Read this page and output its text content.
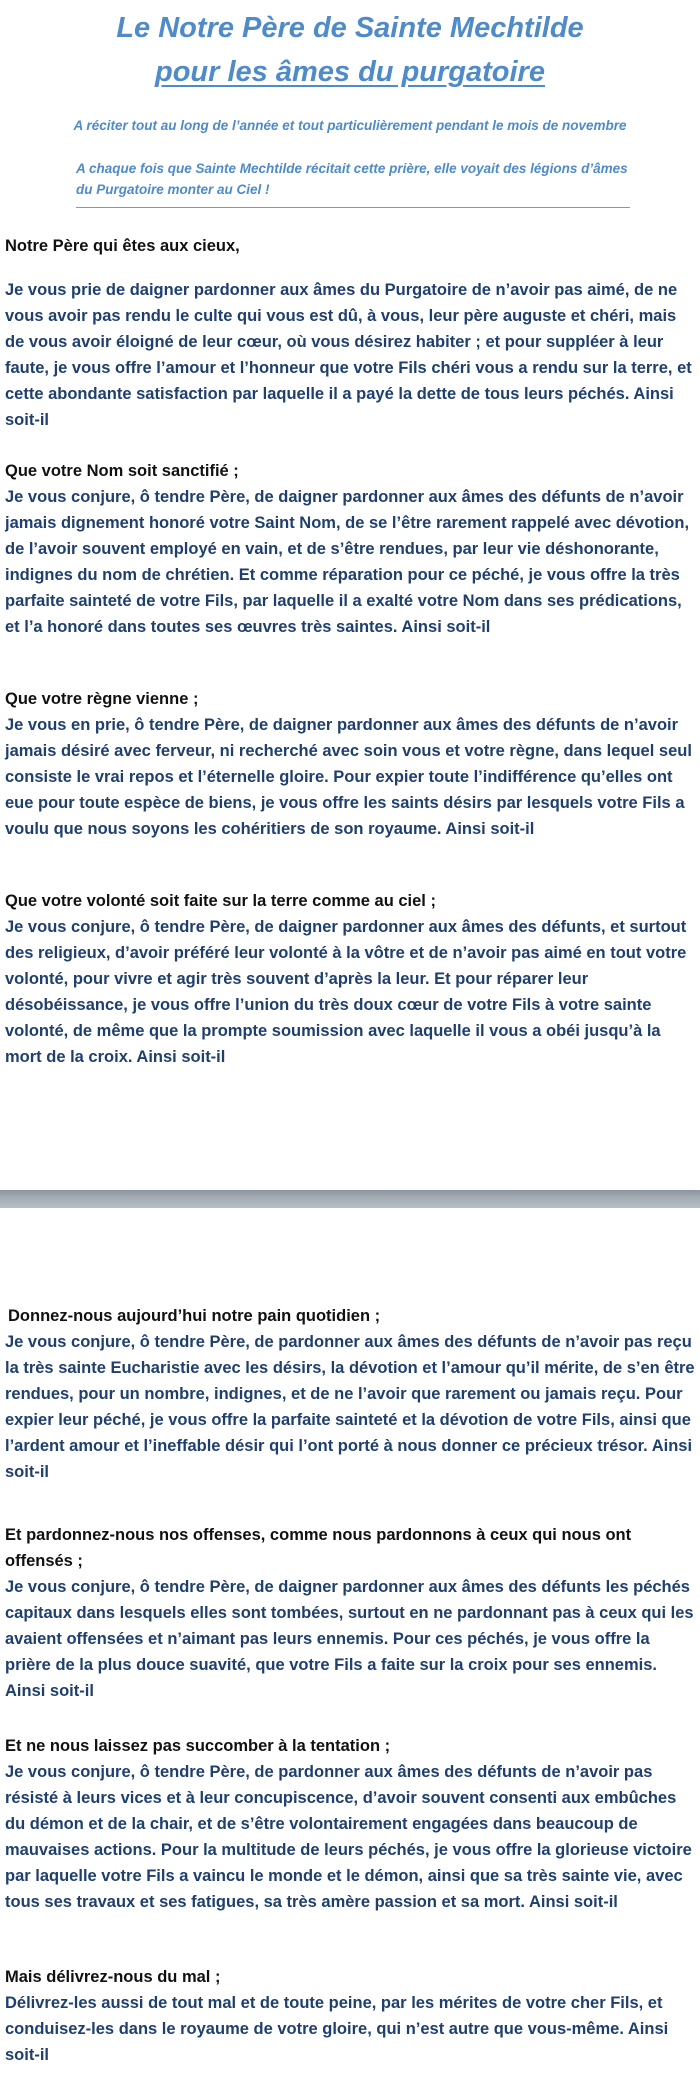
Le Notre Père de Sainte Mechtilde
pour les âmes du purgatoire
A réciter tout au long de l’année et tout particulièrement pendant le mois de novembre
A chaque fois que Sainte Mechtilde récitait cette prière, elle voyait des légions d’âmes du Purgatoire monter au Ciel !
Notre Père qui êtes aux cieux,
Je vous prie de daigner pardonner aux âmes du Purgatoire de n’avoir pas aimé, de ne vous avoir pas rendu le culte qui vous est dû, à vous, leur père auguste et chéri, mais de vous avoir éloigné de leur cœur, où vous désirez habiter ; et pour suppléer à leur faute, je vous offre l’amour et l’honneur que votre Fils chéri vous a rendu sur la terre, et cette abondante satisfaction par laquelle il a payé la dette de tous leurs péchés. Ainsi soit-il
Que votre Nom soit sanctifié ;
Je vous conjure, ô tendre Père, de daigner pardonner aux âmes des défunts de n’avoir jamais dignement honoré votre Saint Nom, de se l’être rarement rappelé avec dévotion, de l’avoir souvent employé en vain, et de s’être rendues, par leur vie déshonorante, indignes du nom de chrétien. Et comme réparation pour ce péché, je vous offre la très parfaite sainteté de votre Fils, par laquelle il a exalté votre Nom dans ses prédications, et l’a honoré dans toutes ses œuvres très saintes. Ainsi soit-il
Que votre règne vienne ;
Je vous en prie, ô tendre Père, de daigner pardonner aux âmes des défunts de n’avoir jamais désiré avec ferveur, ni recherché avec soin vous et votre règne, dans lequel seul consiste le vrai repos et l’éternelle gloire. Pour expier toute l’indifférence qu’elles ont eue pour toute espèce de biens, je vous offre les saints désirs par lesquels votre Fils a voulu que nous soyons les cohéritiers de son royaume. Ainsi soit-il
Que votre volonté soit faite sur la terre comme au ciel ;
Je vous conjure, ô tendre Père, de daigner pardonner aux âmes des défunts, et surtout des religieux, d’avoir préféré leur volonté à la vôtre et de n’avoir pas aimé en tout votre volonté, pour vivre et agir très souvent d’après la leur. Et pour réparer leur désobéissance, je vous offre l’union du très doux cœur de votre Fils à votre sainte volonté, de même que la prompte soumission avec laquelle il vous a obéi jusqu’à la mort de la croix. Ainsi soit-il
Donnez-nous aujourd’hui notre pain quotidien ;
Je vous conjure, ô tendre Père, de pardonner aux âmes des défunts de n’avoir pas reçu la très sainte Eucharistie avec les désirs, la dévotion et l’amour qu’il mérite, de s’en être rendues, pour un nombre, indignes, et de ne l’avoir que rarement ou jamais reçu. Pour expier leur péché, je vous offre la parfaite sainteté et la dévotion de votre Fils, ainsi que l’ardent amour et l’ineffable désir qui l’ont porté à nous donner ce précieux trésor. Ainsi soit-il
Et pardonnez-nous nos offenses, comme nous pardonnons à ceux qui nous ont offensés ;
Je vous conjure, ô tendre Père, de daigner pardonner aux âmes des défunts les péchés capitaux dans lesquels elles sont tombées, surtout en ne pardonnant pas à ceux qui les avaient offensées et n’aimant pas leurs ennemis. Pour ces péchés, je vous offre la prière de la plus douce suavité, que votre Fils a faite sur la croix pour ses ennemis. Ainsi soit-il
Et ne nous laissez pas succomber à la tentation ;
Je vous conjure, ô tendre Père, de pardonner aux âmes des défunts de n’avoir pas résisté à leurs vices et à leur concupiscence, d’avoir souvent consenti aux embûches du démon et de la chair, et de s’être volontairement engagées dans beaucoup de mauvaises actions. Pour la multitude de leurs péchés, je vous offre la glorieuse victoire par laquelle votre Fils a vaincu le monde et le démon, ainsi que sa très sainte vie, avec tous ses travaux et ses fatigues, sa très amère passion et sa mort. Ainsi soit-il
Mais délivrez-nous du mal ;
Délivrez-les aussi de tout mal et de toute peine, par les mérites de votre cher Fils, et conduisez-les dans le royaume de votre gloire, qui n’est autre que vous-même. Ainsi soit-il
